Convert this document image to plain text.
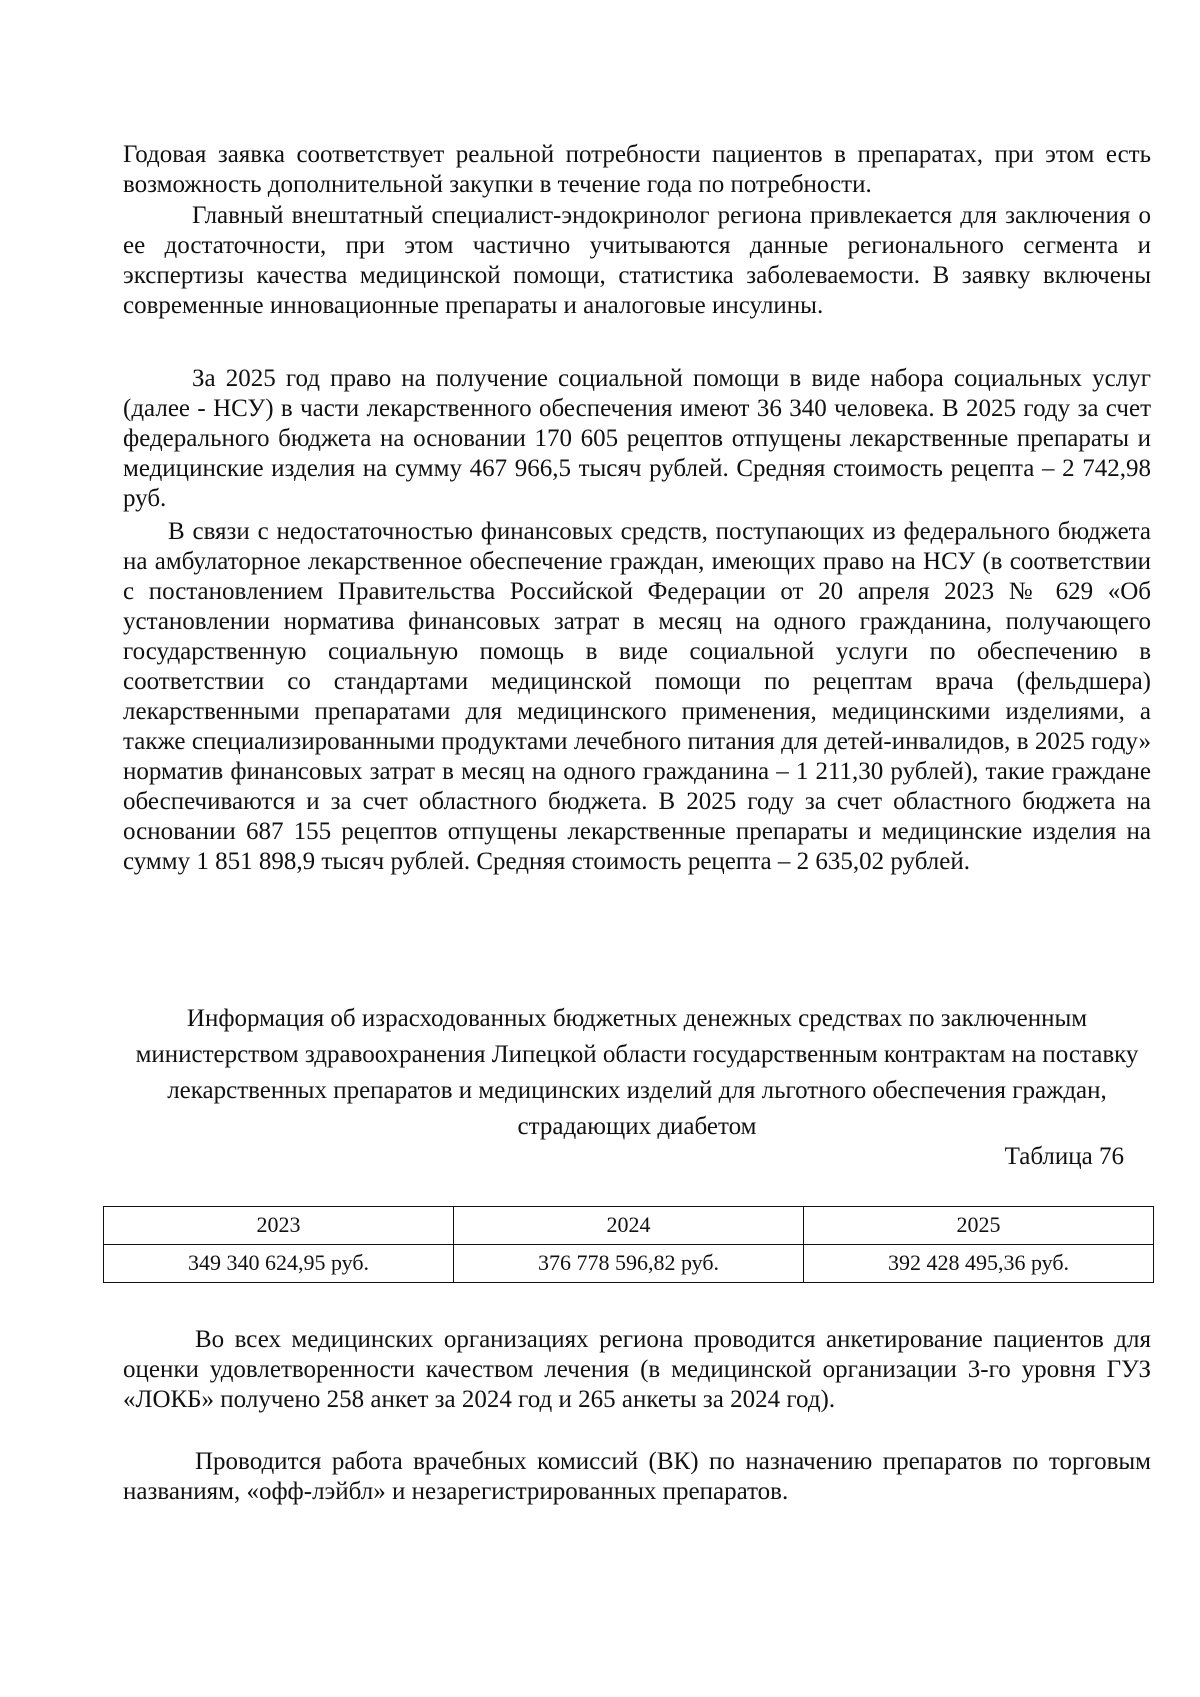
Годовая заявка соответствует реальной потребности пациентов в препаратах, при этом есть возможность дополнительной закупки в течение года по потребности.

Главный внештатный специалист-эндокринолог региона привлекается для заключения о ее достаточности, при этом частично учитываются данные регионального сегмента и экспертизы качества медицинской помощи, статистика заболеваемости. В заявку включены современные инновационные препараты и аналоговые инсулины.

За 2025 год право на получение социальной помощи в виде набора социальных услуг (далее - НСУ) в части лекарственного обеспечения имеют 36 340 человека. В 2025 году за счет федерального бюджета на основании 170 605 рецептов отпущены лекарственные препараты и медицинские изделия на сумму 467 966,5 тысяч рублей. Средняя стоимость рецепта – 2 742,98 руб.

В связи с недостаточностью финансовых средств, поступающих из федерального бюджета на амбулаторное лекарственное обеспечение граждан, имеющих право на НСУ (в соответствии с постановлением Правительства Российской Федерации от 20 апреля 2023 № 629 «Об установлении норматива финансовых затрат в месяц на одного гражданина, получающего государственную социальную помощь в виде социальной услуги по обеспечению в соответствии со стандартами медицинской помощи по рецептам врача (фельдшера) лекарственными препаратами для медицинского применения, медицинскими изделиями, а также специализированными продуктами лечебного питания для детей-инвалидов, в 2025 году» норматив финансовых затрат в месяц на одного гражданина – 1 211,30 рублей), такие граждане обеспечиваются и за счет областного бюджета. В 2025 году за счет областного бюджета на основании 687 155 рецептов отпущены лекарственные препараты и медицинские изделия на сумму 1 851 898,9 тысяч рублей. Средняя стоимость рецепта – 2 635,02 рублей.

Информация об израсходованных бюджетных денежных средствах по заключенным министерством здравоохранения Липецкой области государственным контрактам на поставку лекарственных препаратов и медицинских изделий для льготного обеспечения граждан, страдающих диабетом

Таблица 76

2023	2024	2025
349 340 624,95 руб.	376 778 596,82 руб.	392 428 495,36 руб.

Во всех медицинских организациях региона проводится анкетирование пациентов для оценки удовлетворенности качеством лечения (в медицинской организации 3-го уровня ГУЗ «ЛОКБ» получено 258 анкет за 2024 год и 265 анкеты за 2024 год).

Проводится работа врачебных комиссий (ВК) по назначению препаратов по торговым названиям, «офф-лэйбл» и незарегистрированных препаратов.
